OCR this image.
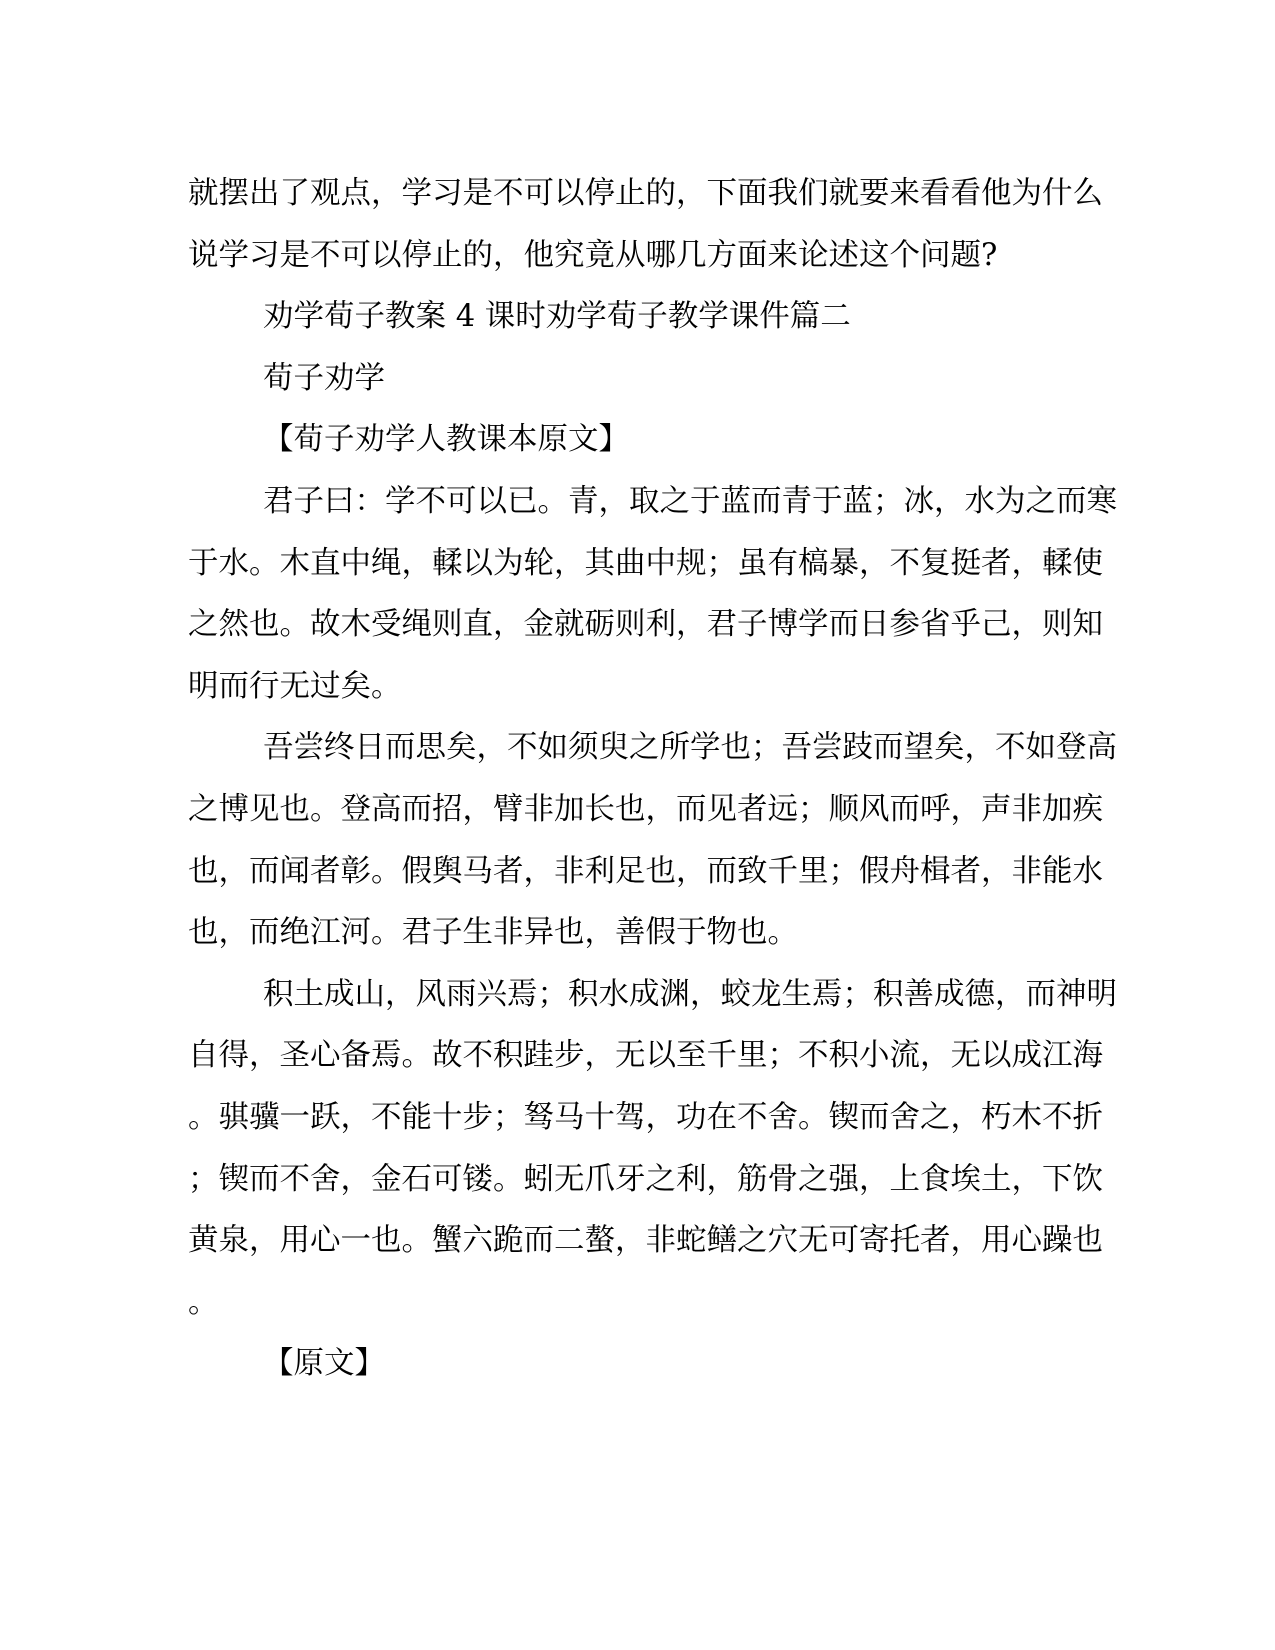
就摆出了观点，学习是不可以停止的，下面我们就要来看看他为什么
说学习是不可以停止的，他究竟从哪几方面来论述这个问题?
劝学荀子教案 4 课时劝学荀子教学课件篇二
荀子劝学
【荀子劝学人教课本原文】
君子曰：学不可以已。青，取之于蓝而青于蓝；冰，水为之而寒
于水。木直中绳，輮以为轮，其曲中规；虽有槁暴，不复挺者，輮使
之然也。故木受绳则直，金就砺则利，君子博学而日参省乎己，则知
明而行无过矣。
吾尝终日而思矣，不如须臾之所学也；吾尝跂而望矣，不如登高
之博见也。登高而招，臂非加长也，而见者远；顺风而呼，声非加疾
也，而闻者彰。假舆马者，非利足也，而致千里；假舟楫者，非能水
也，而绝江河。君子生非异也，善假于物也。
积土成山，风雨兴焉；积水成渊，蛟龙生焉；积善成德，而神明
自得，圣心备焉。故不积跬步，无以至千里；不积小流，无以成江海
。骐骥一跃，不能十步；驽马十驾，功在不舍。锲而舍之，朽木不折
；锲而不舍，金石可镂。蚓无爪牙之利，筋骨之强，上食埃土，下饮
黄泉，用心一也。蟹六跪而二螯，非蛇鳝之穴无可寄托者，用心躁也
。
【原文】
